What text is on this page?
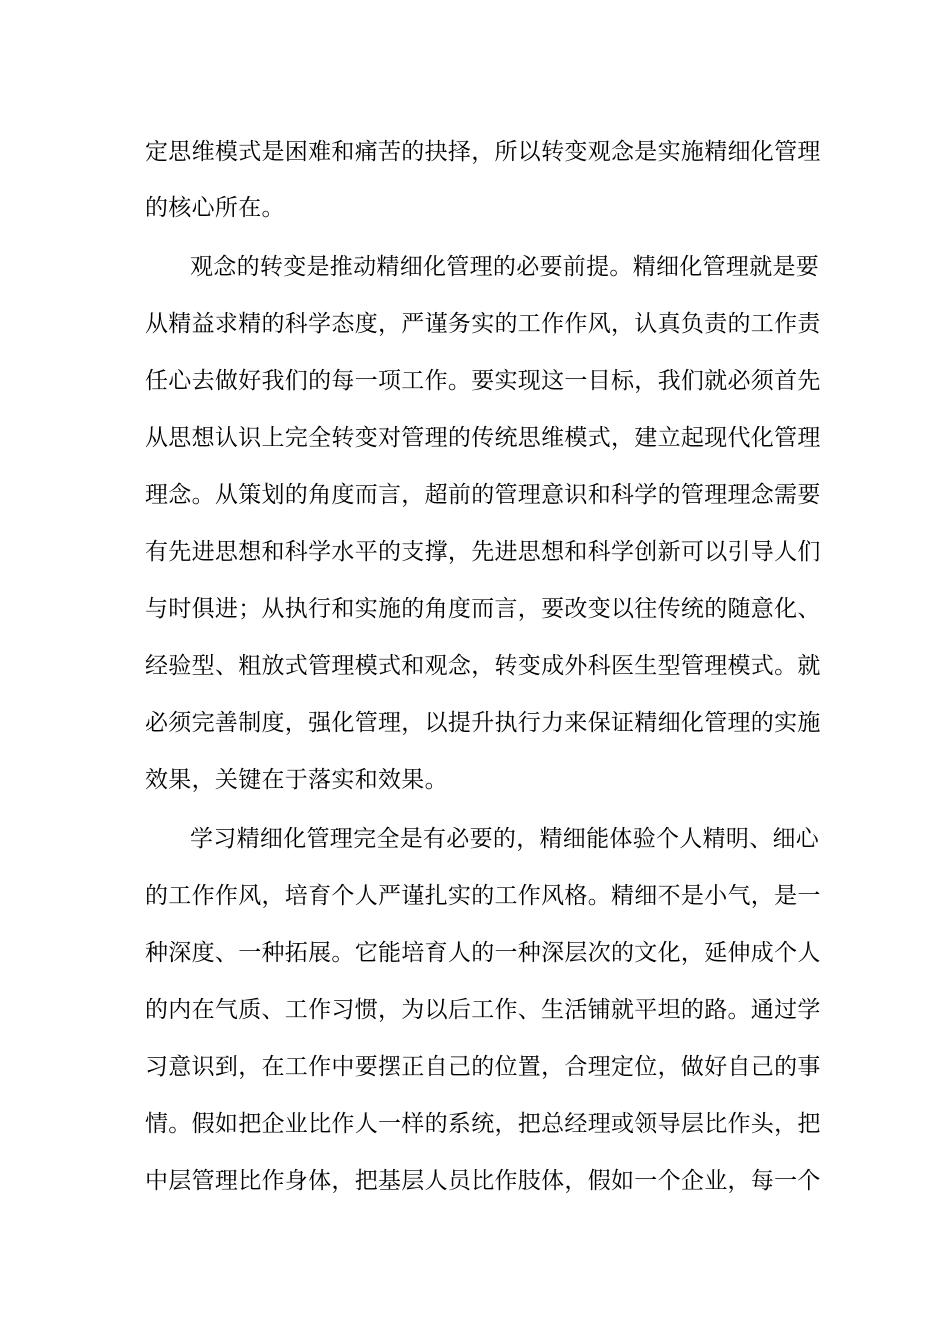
定思维模式是困难和痛苦的抉择，所以转变观念是实施精细化管理
的核心所在。
观念的转变是推动精细化管理的必要前提。精细化管理就是要
从精益求精的科学态度，严谨务实的工作作风，认真负责的工作责
任心去做好我们的每一项工作。要实现这一目标，我们就必须首先
从思想认识上完全转变对管理的传统思维模式，建立起现代化管理
理念。从策划的角度而言，超前的管理意识和科学的管理理念需要
有先进思想和科学水平的支撑，先进思想和科学创新可以引导人们
与时俱进；从执行和实施的角度而言，要改变以往传统的随意化、
经验型、粗放式管理模式和观念，转变成外科医生型管理模式。就
必须完善制度，强化管理，以提升执行力来保证精细化管理的实施
效果，关键在于落实和效果。
学习精细化管理完全是有必要的，精细能体验个人精明、细心
的工作作风，培育个人严谨扎实的工作风格。精细不是小气，是一
种深度、一种拓展。它能培育人的一种深层次的文化，延伸成个人
的内在气质、工作习惯，为以后工作、生活铺就平坦的路。通过学
习意识到，在工作中要摆正自己的位置，合理定位，做好自己的事
情。假如把企业比作人一样的系统，把总经理或领导层比作头，把
中层管理比作身体，把基层人员比作肢体，假如一个企业，每一个
